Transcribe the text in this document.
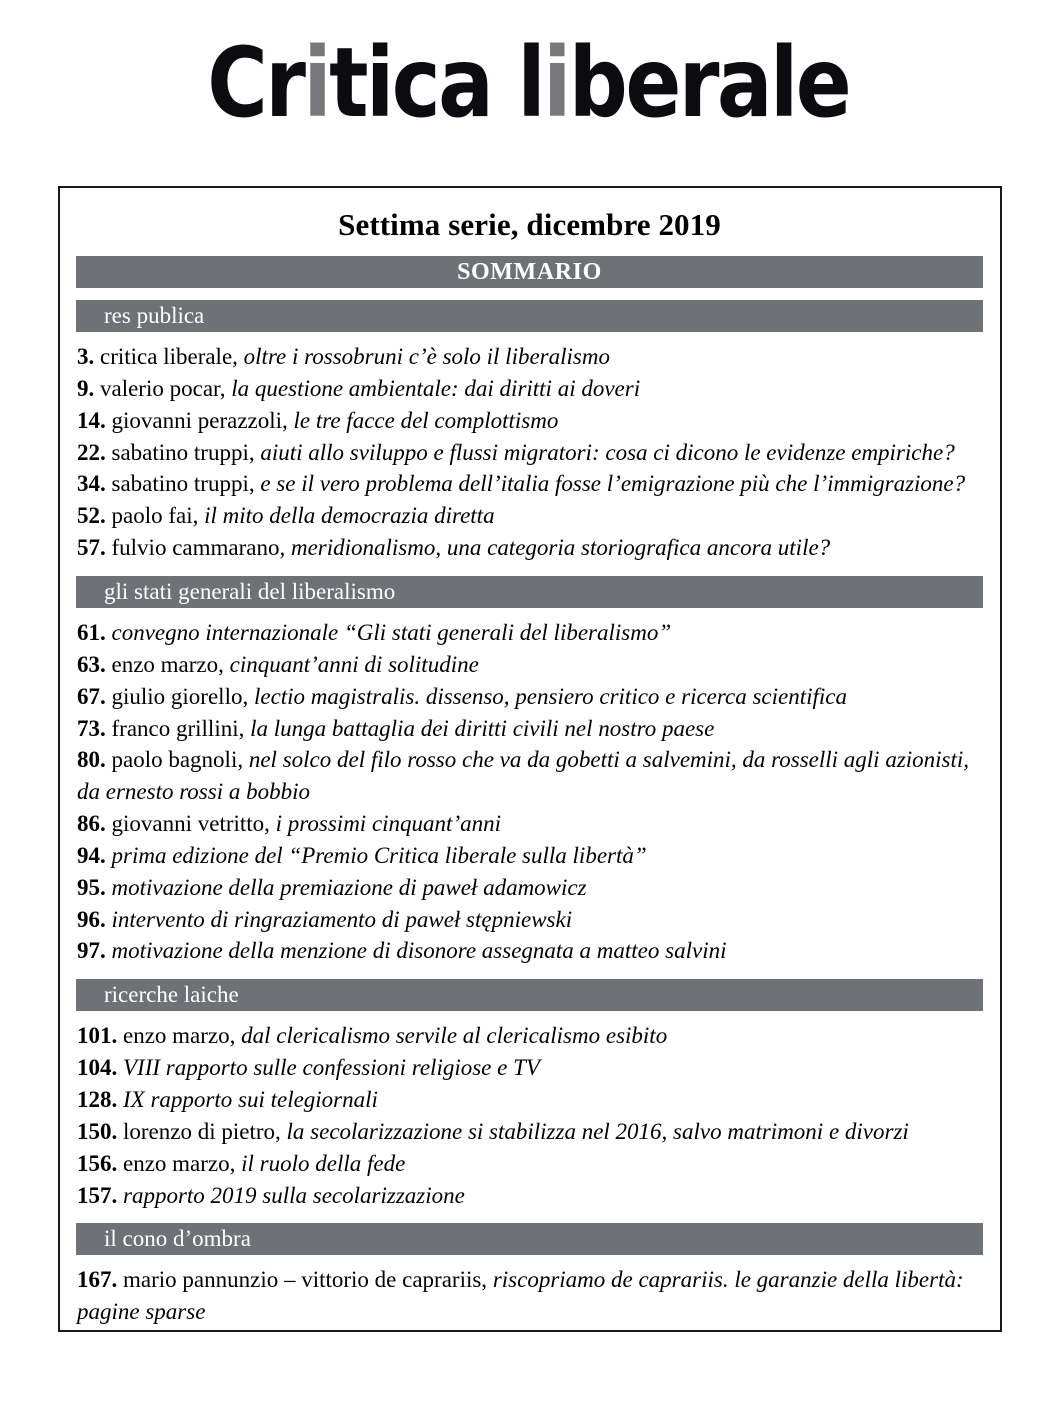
Critica liberale
Settima serie, dicembre 2019
SOMMARIO
res publica
3. critica liberale, oltre i rossobruni c’è solo il liberalismo
9. valerio pocar, la questione ambientale: dai diritti ai doveri
14. giovanni perazzoli, le tre facce del complottismo
22. sabatino truppi, aiuti allo sviluppo e flussi migratori: cosa ci dicono le evidenze empiriche?
34. sabatino truppi, e se il vero problema dell’italia fosse l’emigrazione più che l’immigrazione?
52. paolo fai, il mito della democrazia diretta
57. fulvio cammarano, meridionalismo, una categoria storiografica ancora utile?
gli stati generali del liberalismo
61. convegno internazionale “Gli stati generali del liberalismo”
63. enzo marzo, cinquant’anni di solitudine
67. giulio giorello, lectio magistralis. dissenso, pensiero critico e ricerca scientifica
73. franco grillini, la lunga battaglia dei diritti civili nel nostro paese
80. paolo bagnoli, nel solco del filo rosso che va da gobetti a salvemini, da rosselli agli azionisti, da ernesto rossi a bobbio
86. giovanni vetritto, i prossimi cinquant’anni
94. prima edizione del “Premio Critica liberale sulla libertà”
95. motivazione della premiazione di paweł adamowicz
96. intervento di ringraziamento di paweł stępniewski
97. motivazione della menzione di disonore assegnata a matteo salvini
ricerche laiche
101. enzo marzo, dal clericalismo servile al clericalismo esibito
104. VIII rapporto sulle confessioni religiose e TV
128. IX rapporto sui telegiornali
150. lorenzo di pietro, la secolarizzazione si stabilizza nel 2016, salvo matrimoni e divorzi
156. enzo marzo, il ruolo della fede
157. rapporto 2019 sulla secolarizzazione
il cono d’ombra
167. mario pannunzio – vittorio de caprariis, riscopriamo de caprariis. le garanzie della libertà: pagine sparse
